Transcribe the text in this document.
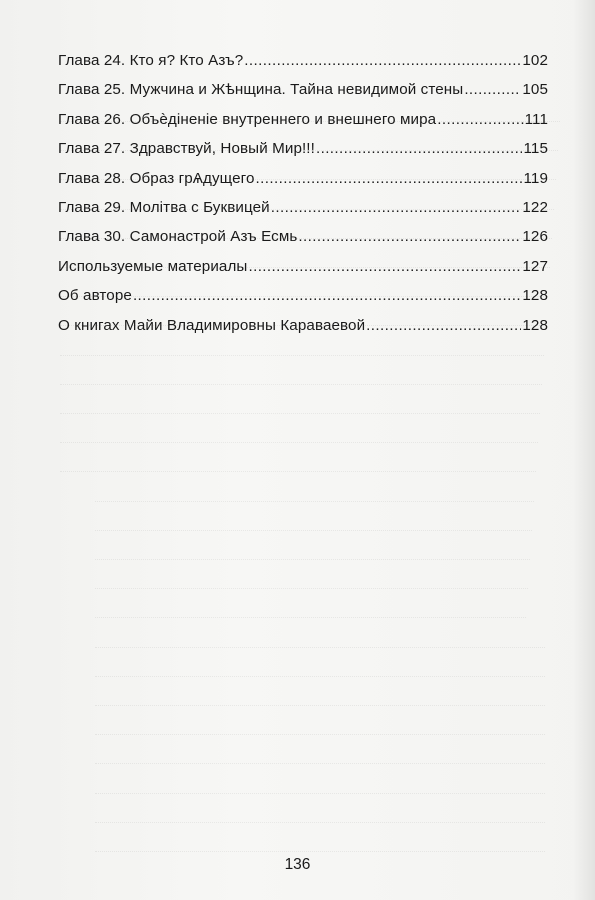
Глава 24. Кто я? Кто Азъ? .....	102
Глава 25. Мужчина и Жѣнщина. Тайна невидимой стены .....	105
Глава 26. Объѐдіненіе внутреннего и внешнего мира .....	111
Глава 27. Здравствуй, Новый Мир!!! .....	115
Глава 28. Образ грѦдущего .....	119
Глава 29. Молітва с Буквицей .....	122
Глава 30. Самонастрой Азъ Есмь .....	126
Используемые материалы .....	127
Об авторе .....	128
О книгах Майи Владимировны Караваевой .....	128
136
